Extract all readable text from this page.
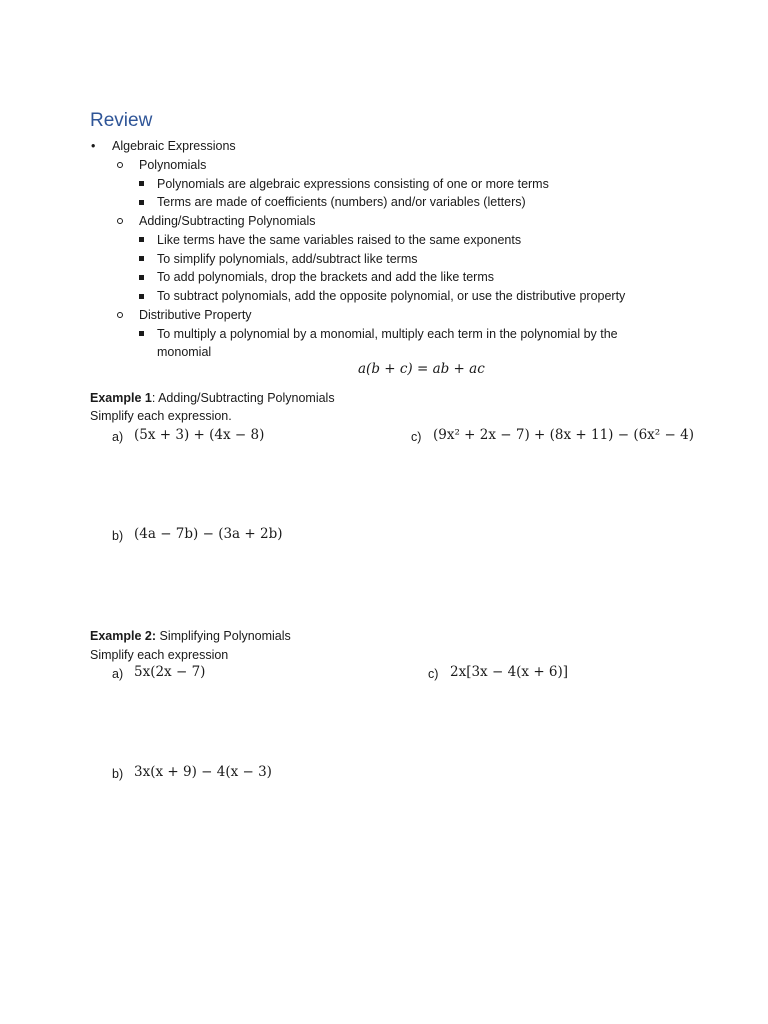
Review
• Algebraic Expressions
Polynomials
Polynomials are algebraic expressions consisting of one or more terms
Terms are made of coefficients (numbers) and/or variables (letters)
Adding/Subtracting Polynomials
Like terms have the same variables raised to the same exponents
To simplify polynomials, add/subtract like terms
To add polynomials, drop the brackets and add the like terms
To subtract polynomials, add the opposite polynomial, or use the distributive property
Distributive Property
To multiply a polynomial by a monomial, multiply each term in the polynomial by the
monomial
a(b + c) = ab + ac
Example 1: Adding/Subtracting Polynomials
Simplify each expression.
a) (5x + 3) + (4x − 8)	c) (9x² + 2x − 7) + (8x + 11) − (6x² − 4)
b) (4a − 7b) − (3a + 2b)
Example 2: Simplifying Polynomials
Simplify each expression
a) 5x(2x − 7)	c) 2x[3x − 4(x + 6)]
b) 3x(x + 9) − 4(x − 3)
